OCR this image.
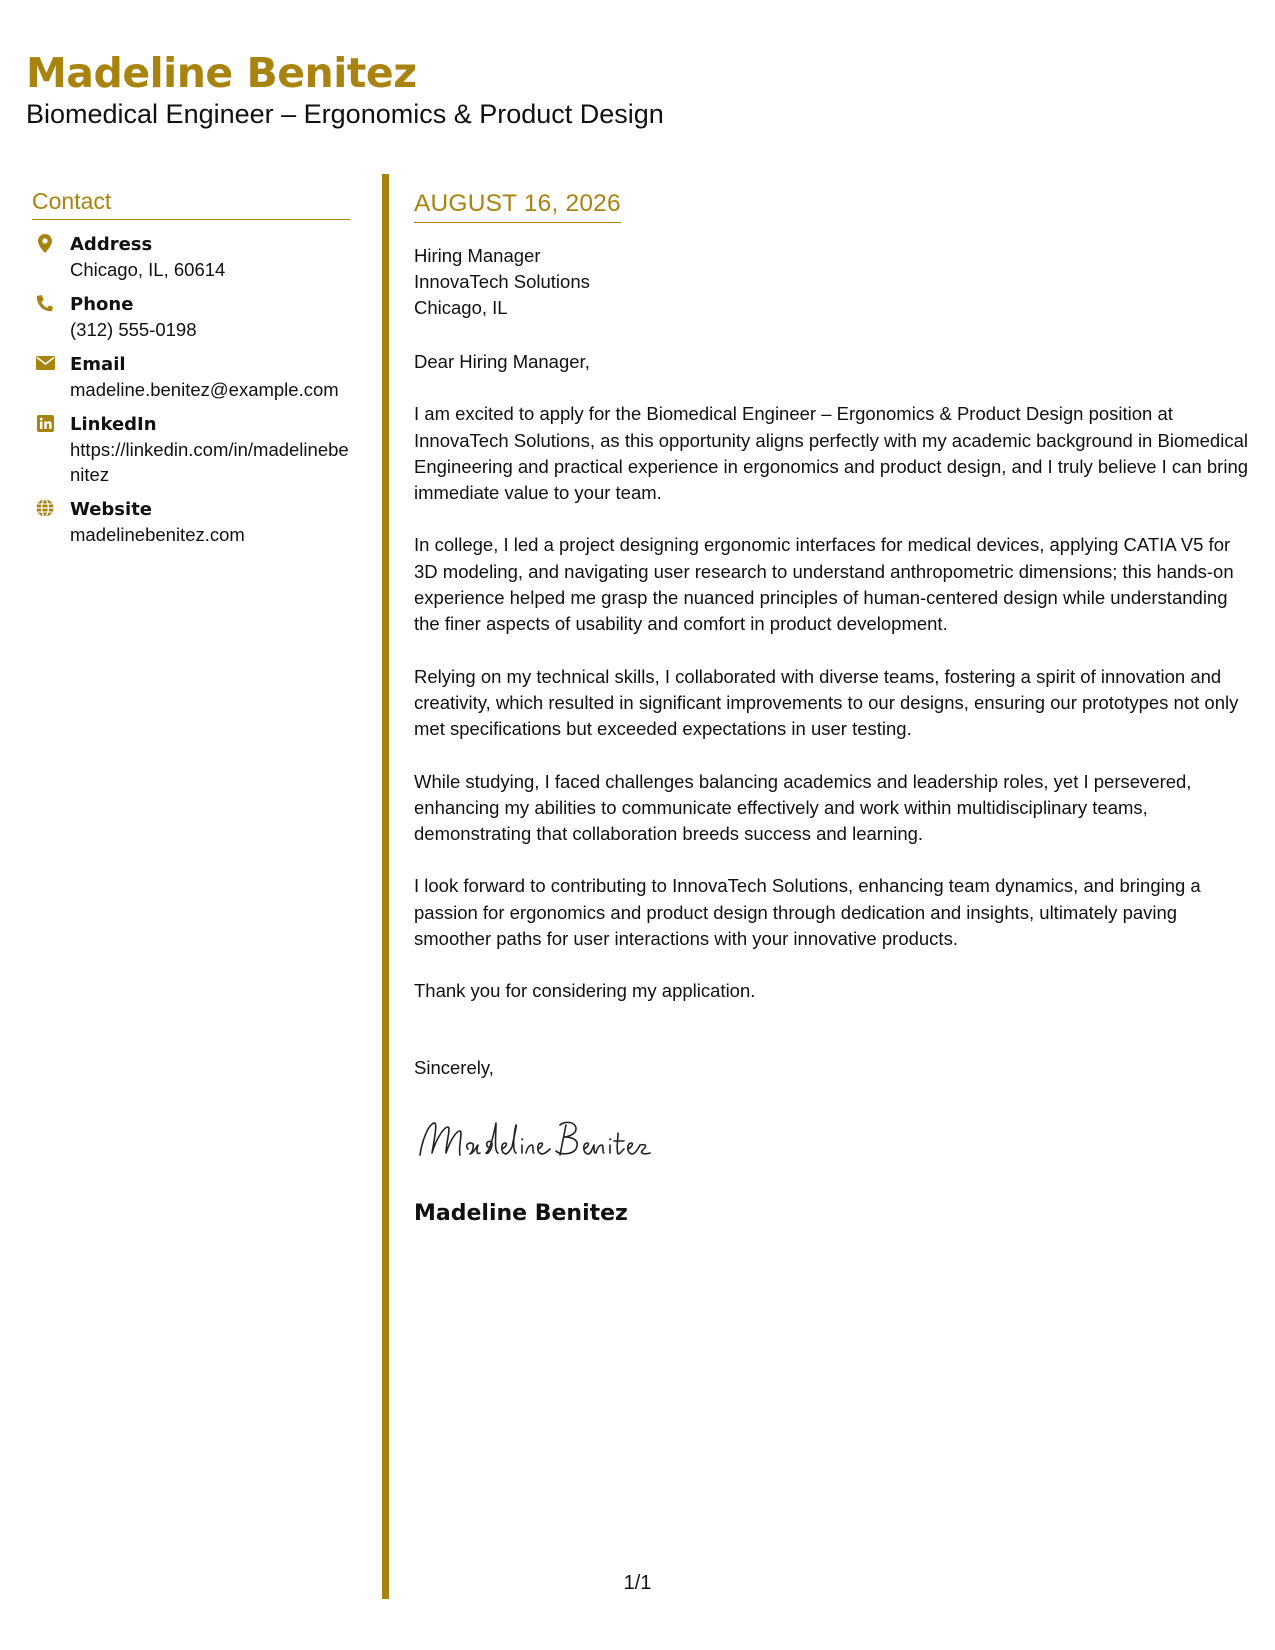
Madeline Benitez
Biomedical Engineer – Ergonomics & Product Design
Contact
Address
Chicago, IL, 60614
Phone
(312) 555-0198
Email
madeline.benitez@example.com
LinkedIn
https://linkedin.com/in/madelinebenitez
Website
madelinebenitez.com
AUGUST 16, 2026
Hiring Manager
InnovaTech Solutions
Chicago, IL

Dear Hiring Manager,

I am excited to apply for the Biomedical Engineer – Ergonomics & Product Design position at InnovaTech Solutions, as this opportunity aligns perfectly with my academic background in Biomedical Engineering and practical experience in ergonomics and product design, and I truly believe I can bring immediate value to your team.

In college, I led a project designing ergonomic interfaces for medical devices, applying CATIA V5 for 3D modeling, and navigating user research to understand anthropometric dimensions; this hands-on experience helped me grasp the nuanced principles of human-centered design while understanding the finer aspects of usability and comfort in product development.

Relying on my technical skills, I collaborated with diverse teams, fostering a spirit of innovation and creativity, which resulted in significant improvements to our designs, ensuring our prototypes not only met specifications but exceeded expectations in user testing.

While studying, I faced challenges balancing academics and leadership roles, yet I persevered, enhancing my abilities to communicate effectively and work within multidisciplinary teams, demonstrating that collaboration breeds success and learning.

I look forward to contributing to InnovaTech Solutions, enhancing team dynamics, and bringing a passion for ergonomics and product design through dedication and insights, ultimately paving smoother paths for user interactions with your innovative products.

Thank you for considering my application.

Sincerely,

Madeline Benitez
1/1
